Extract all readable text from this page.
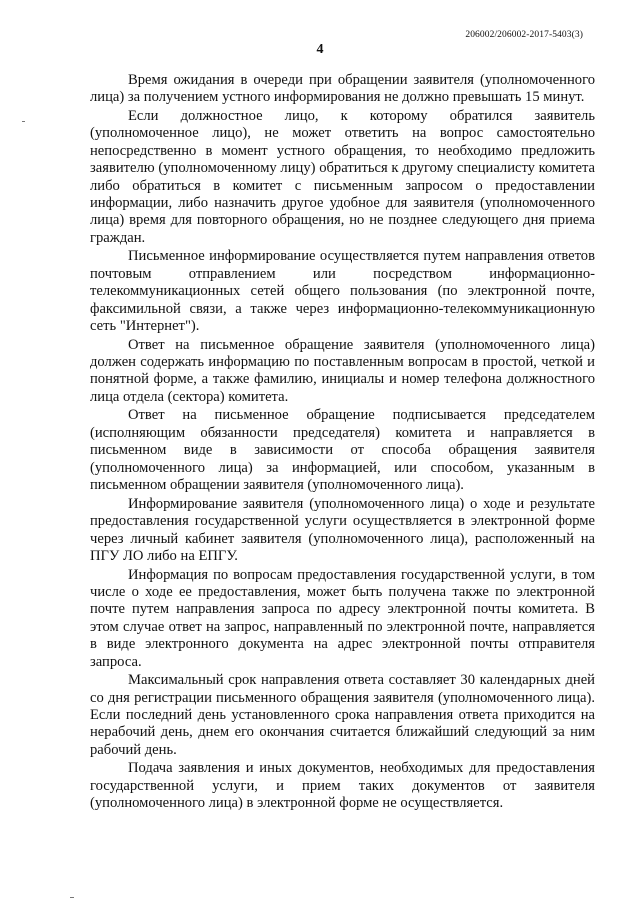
206002/206002-2017-5403(3)
4

Время ожидания в очереди при обращении заявителя (уполномоченного лица) за получением устного информирования не должно превышать 15 минут.

Если должностное лицо, к которому обратился заявитель (уполномоченное лицо), не может ответить на вопрос самостоятельно непосредственно в момент устного обращения, то необходимо предложить заявителю (уполномоченному лицу) обратиться к другому специалисту комитета либо обратиться в комитет с письменным запросом о предоставлении информации, либо назначить другое удобное для заявителя (уполномоченного лица) время для повторного обращения, но не позднее следующего дня приема граждан.

Письменное информирование осуществляется путем направления ответов почтовым отправлением или посредством информационно-телекоммуникационных сетей общего пользования (по электронной почте, факсимильной связи, а также через информационно-телекоммуникационную сеть "Интернет").

Ответ на письменное обращение заявителя (уполномоченного лица) должен содержать информацию по поставленным вопросам в простой, четкой и понятной форме, а также фамилию, инициалы и номер телефона должностного лица отдела (сектора) комитета.

Ответ на письменное обращение подписывается председателем (исполняющим обязанности председателя) комитета и направляется в письменном виде в зависимости от способа обращения заявителя (уполномоченного лица) за информацией, или способом, указанным в письменном обращении заявителя (уполномоченного лица).

Информирование заявителя (уполномоченного лица) о ходе и результате предоставления государственной услуги осуществляется в электронной форме через личный кабинет заявителя (уполномоченного лица), расположенный на ПГУ ЛО либо на ЕПГУ.

Информация по вопросам предоставления государственной услуги, в том числе о ходе ее предоставления, может быть получена также по электронной почте путем направления запроса по адресу электронной почты комитета. В этом случае ответ на запрос, направленный по электронной почте, направляется в виде электронного документа на адрес электронной почты отправителя запроса.

Максимальный срок направления ответа составляет 30 календарных дней со дня регистрации письменного обращения заявителя (уполномоченного лица). Если последний день установленного срока направления ответа приходится на нерабочий день, днем его окончания считается ближайший следующий за ним рабочий день.

Подача заявления и иных документов, необходимых для предоставления государственной услуги, и прием таких документов от заявителя (уполномоченного лица) в электронной форме не осуществляется.
